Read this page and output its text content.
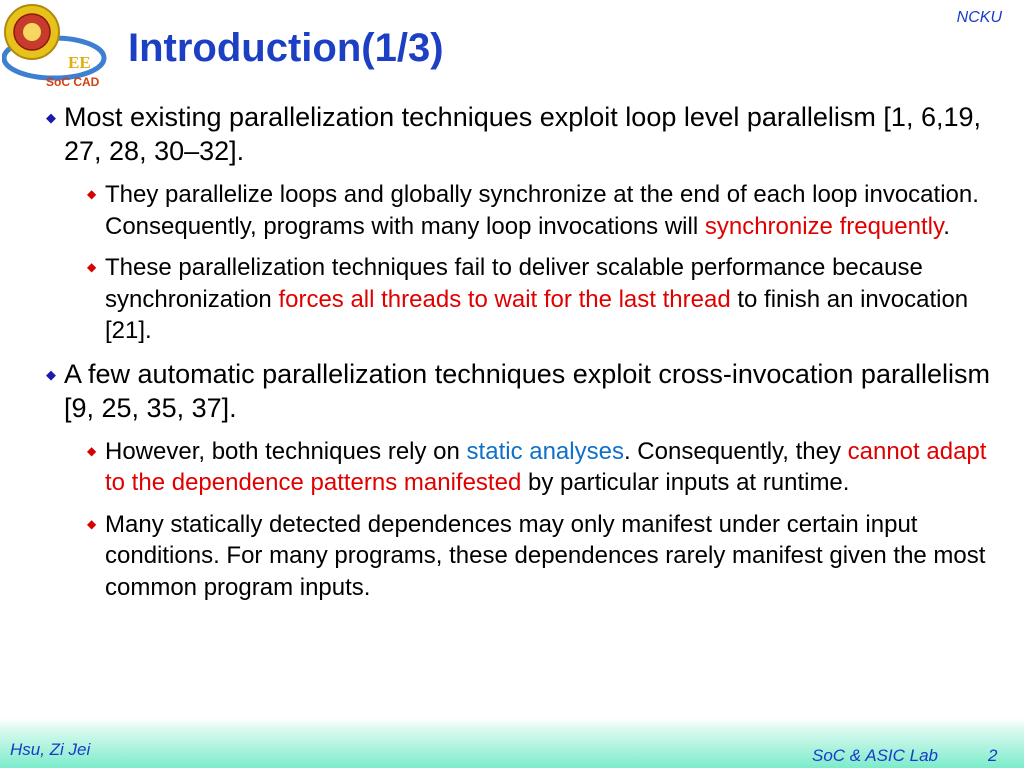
EE
SoC CAD
NCKU
Introduction(1/3)
◆ Most existing parallelization techniques exploit loop level parallelism [1, 6,19, 27, 28, 30–32].
◆ They parallelize loops and globally synchronize at the end of each loop invocation. Consequently, programs with many loop invocations will synchronize frequently.
◆ These parallelization techniques fail to deliver scalable performance because synchronization forces all threads to wait for the last thread to finish an invocation [21].
◆ A few automatic parallelization techniques exploit cross-invocation parallelism [9, 25, 35, 37].
◆ However, both techniques rely on static analyses. Consequently, they cannot adapt to the dependence patterns manifested by particular inputs at runtime.
◆ Many statically detected dependences may only manifest under certain input conditions. For many programs, these dependences rarely manifest given the most common program inputs.
Hsu, Zi Jei	SoC & ASIC Lab	2
